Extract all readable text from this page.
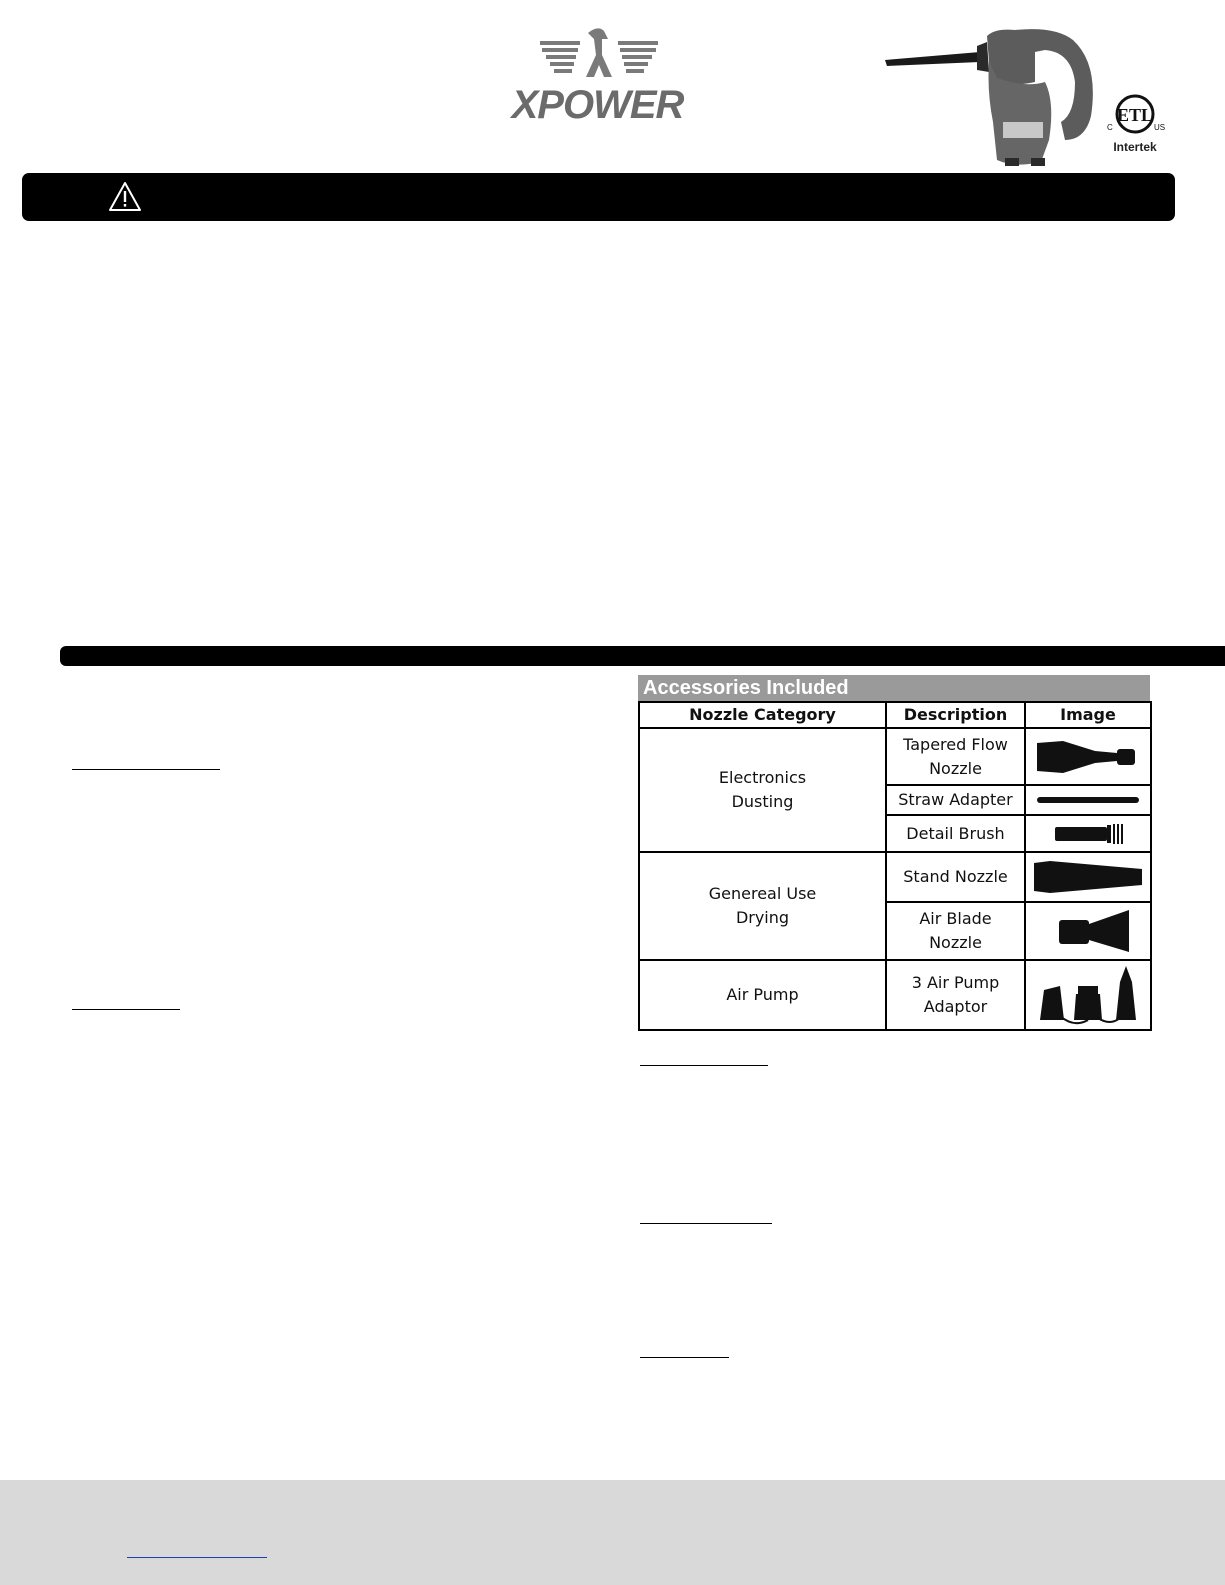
XPOWER	ETL
C	US
Intertek
Accessories Included
Nozzle Category	Description	Image
Electronics Dusting	Tapered Flow Nozzle	

	Straw Adapter	

	Detail Brush	

Genereal Use Drying	Stand Nozzle	

	Air Blade Nozzle	

Air Pump	3 Air Pump Adaptor	
